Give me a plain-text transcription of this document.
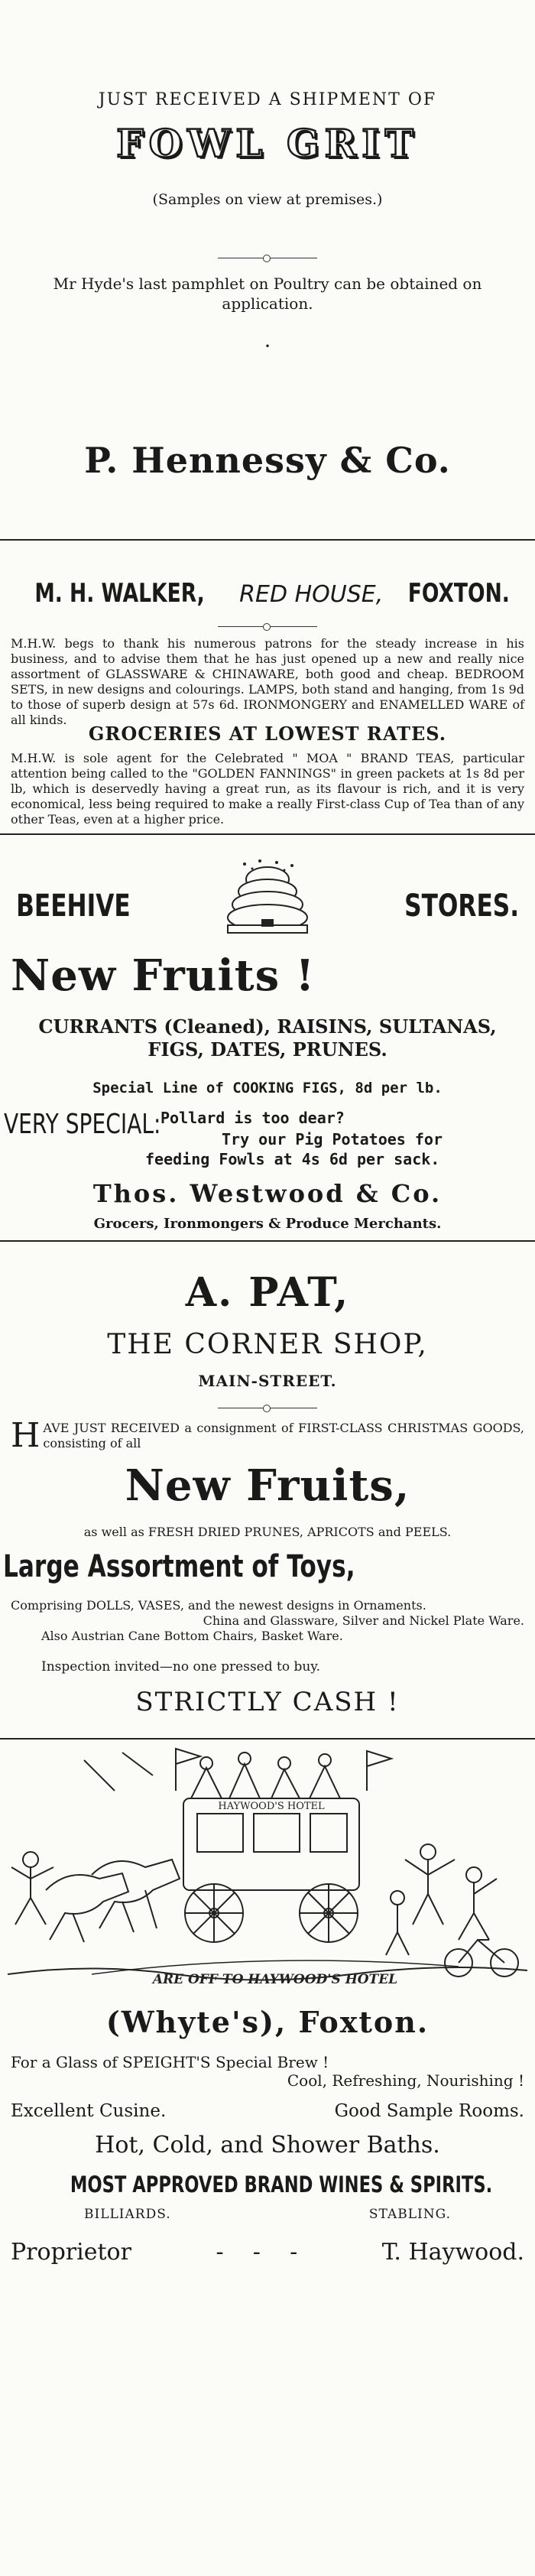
JUST RECEIVED A SHIPMENT OF
FOWL GRIT
(Samples on view at premises.)
Mr Hyde's last pamphlet on Poultry can be obtained on application.
•
P. Hennessy & Co.
M. H. WALKER, RED HOUSE, FOXTON.
M.H.W. begs to thank his numerous patrons for the steady increase in his business, and to advise them that he has just opened up a new and really nice assortment of GLASSWARE & CHINAWARE, both good and cheap. BEDROOM SETS, in new designs and colourings. LAMPS, both stand and hanging, from 1s 9d to those of superb design at 57s 6d. IRONMONGERY and ENAMELLED WARE of all kinds.
GROCERIES AT LOWEST RATES.
M.H.W. is sole agent for the Celebrated " MOA " BRAND TEAS, particular attention being called to the "GOLDEN FANNINGS" in green packets at 1s 8d per lb, which is deservedly having a great run, as its flavour is rich, and it is very economical, less being required to make a really First-class Cup of Tea than of any other Teas, even at a higher price.
BEEHIVE	STORES.
New Fruits !
CURRANTS (Cleaned), RAISINS, SULTANAS, FIGS, DATES, PRUNES.
Special Line of COOKING FIGS, 8d per lb.
VERY SPECIAL: Pollard is too dear?
Try our Pig Potatoes for
feeding Fowls at 4s 6d per sack.
Thos. Westwood & Co.
Grocers, Ironmongers & Produce Merchants.
A. PAT,
THE CORNER SHOP,
MAIN-STREET.
H AVE JUST RECEIVED a consignment of FIRST-CLASS CHRISTMAS GOODS, consisting of all
New Fruits,
as well as FRESH DRIED PRUNES, APRICOTS and PEELS.
Large Assortment of Toys,
Comprising DOLLS, VASES, and the newest designs in Ornaments.
China and Glassware, Silver and Nickel Plate Ware.
Also Austrian Cane Bottom Chairs, Basket Ware.
Inspection invited—no one pressed to buy.
STRICTLY CASH !
HAYWOOD'S HOTEL
ARE OFF TO HAYWOOD'S HOTEL
(Whyte's), Foxton.
For a Glass of SPEIGHT'S Special Brew !
Cool, Refreshing, Nourishing !
Excellent Cusine.	Good Sample Rooms.
Hot, Cold, and Shower Baths.
MOST APPROVED BRAND WINES & SPIRITS.
BILLIARDS.	STABLING.
Proprietor	-    -    -	T. Haywood.
